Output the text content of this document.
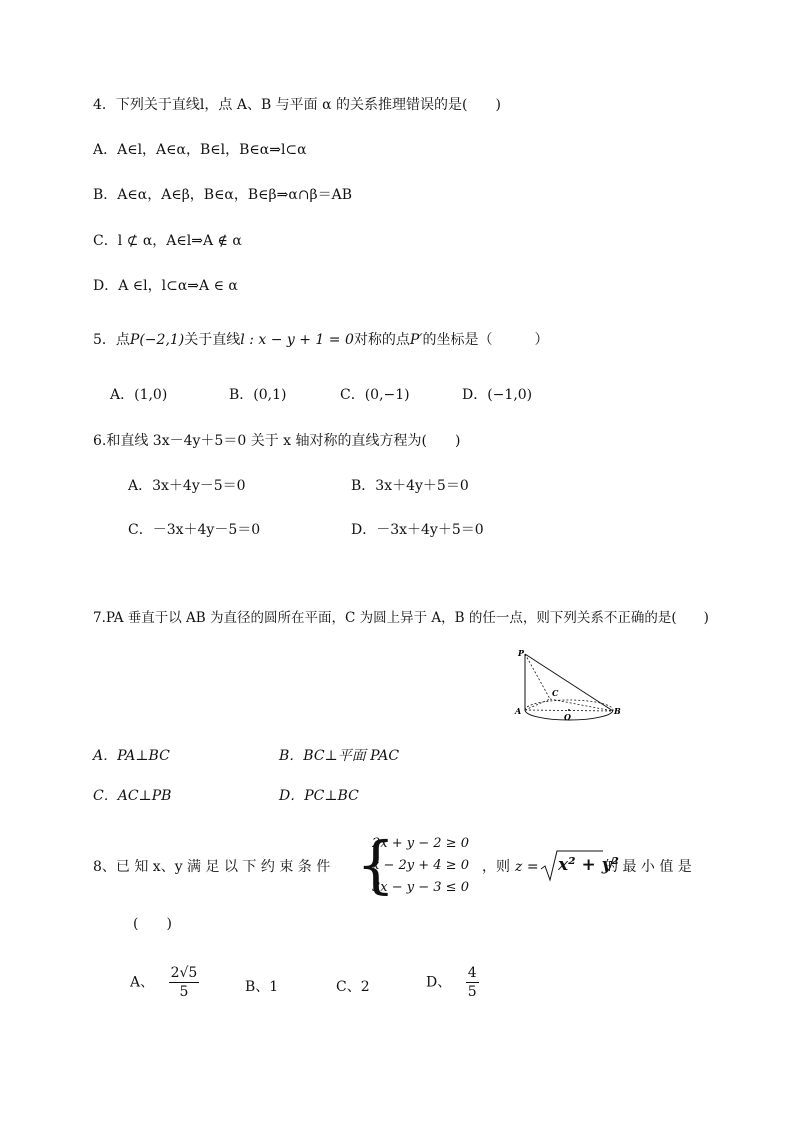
4．下列关于直线l，点 A、B 与平面 α 的关系推理错误的是(　　)
A．A∈l，A∈α，B∈l，B∈α⇒l⊂α
B．A∈α，A∈β，B∈α，B∈β⇒α∩β＝AB
C．l ⊄ α，A∈l⇒A ∉ α
D．A ∈l，l⊂α⇒A ∈ α
5．点P(−2,1)关于直线l : x − y + 1 = 0对称的点P′的坐标是（　　　）
A．(1,0)	B．(0,1)	C．(0,−1)	D．(−1,0)
6.和直线 3x－4y＋5＝0 关于 x 轴对称的直线方程为(　　)
A．3x＋4y－5＝0	B．3x＋4y＋5＝0
C．－3x＋4y－5＝0	D．－3x＋4y＋5＝0
7.PA 垂直于以 AB 为直径的圆所在平面，C 为圆上异于 A，B 的任一点，则下列关系不正确的是(　　)
P
A	B
C
O
A．PA⊥BC	B．BC⊥平面 PAC
C．AC⊥PB	D．PC⊥BC
8、已 知 x、y 满 足 以 下 约 束 条 件 {
2x + y − 2 ≥ 0
x − 2y + 4 ≥ 0
3x − y − 3 ≤ 0
，则 z = x² + y²
的 最 小 值 是
(　　)
A、 $\frac{2√5}{5}$	B、1	C、2	D、 $\frac{4}{5}$
